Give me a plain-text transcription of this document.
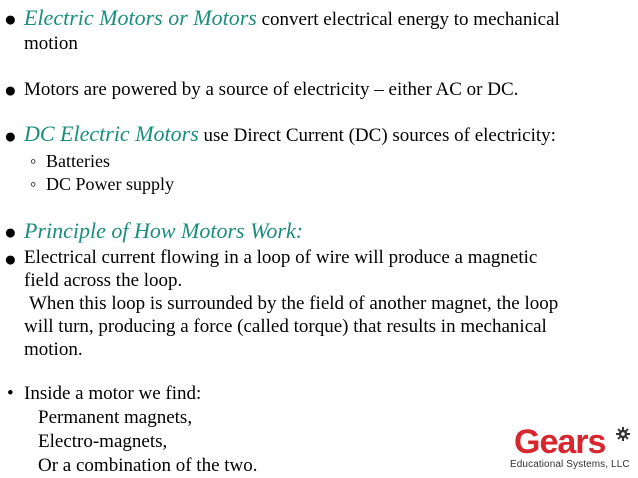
● Electric Motors or Motors convert electrical energy to mechanical
motion
● Motors are powered by a source of electricity – either AC or DC.
● DC Electric Motors use Direct Current (DC) sources of electricity:
◦ Batteries
◦ DC Power supply
● Principle of How Motors Work:
● Electrical current flowing in a loop of wire will produce a magnetic
field across the loop.
When this loop is surrounded by the field of another magnet, the loop
will turn, producing a force (called torque) that results in mechanical
motion.
• Inside a motor we find:
Permanent magnets,
Electro-magnets,
Or a combination of the two.
Gears
Educational Systems, LLC
